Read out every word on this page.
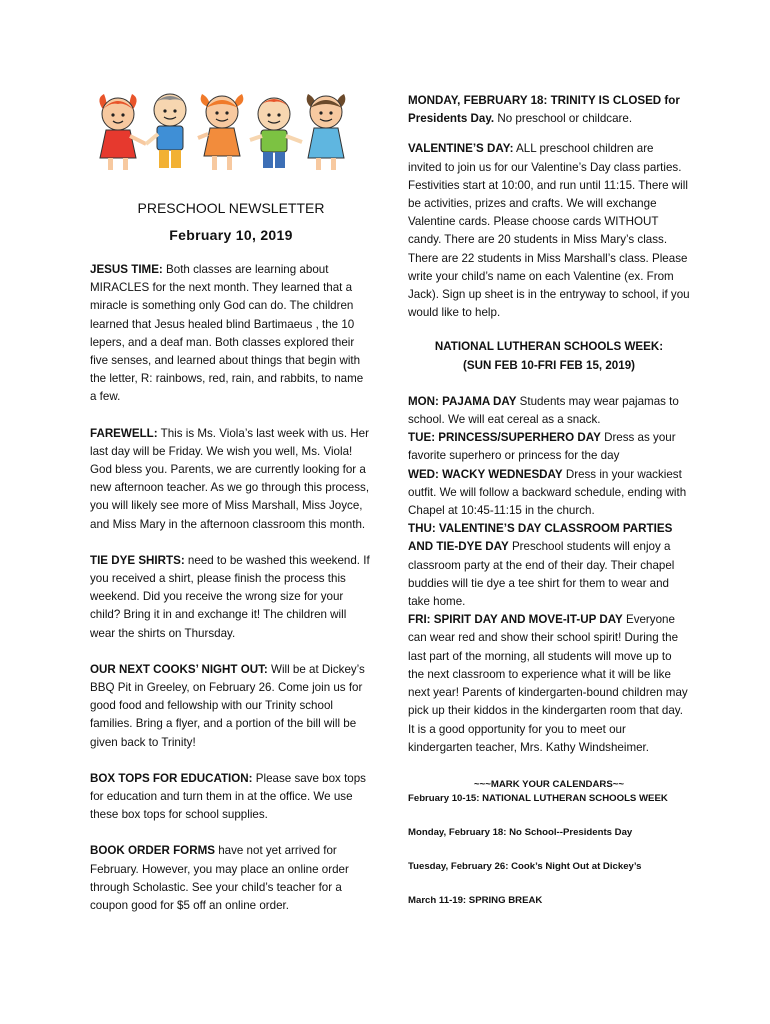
PRESCHOOL NEWSLETTER
February 10, 2019

JESUS TIME: Both classes are learning about MIRACLES for the next month. They learned that a miracle is something only God can do. The children learned that Jesus healed blind Bartimaeus , the 10 lepers, and a deaf man. Both classes explored their five senses, and learned about things that begin with the letter, R: rainbows, red, rain, and rabbits, to name a few.

FAREWELL: This is Ms. Viola’s last week with us. Her last day will be Friday. We wish you well, Ms. Viola! God bless you. Parents, we are currently looking for a new afternoon teacher. As we go through this process, you will likely see more of Miss Marshall, Miss Joyce, and Miss Mary in the afternoon classroom this month.

TIE DYE SHIRTS: need to be washed this weekend. If you received a shirt, please finish the process this weekend. Did you receive the wrong size for your child? Bring it in and exchange it! The children will wear the shirts on Thursday.

OUR NEXT COOKS’ NIGHT OUT: Will be at Dickey’s BBQ Pit in Greeley, on February 26. Come join us for good food and fellowship with our Trinity school families. Bring a flyer, and a portion of the bill will be given back to Trinity!

BOX TOPS FOR EDUCATION: Please save box tops for education and turn them in at the office. We use these box tops for school supplies.

BOOK ORDER FORMS have not yet arrived for February. However, you may place an online order through Scholastic. See your child’s teacher for a coupon good for $5 off an online order.

MONDAY, FEBRUARY 18: TRINITY IS CLOSED for Presidents Day. No preschool or childcare.

VALENTINE’S DAY: ALL preschool children are invited to join us for our Valentine’s Day class parties. Festivities start at 10:00, and run until 11:15. There will be activities, prizes and crafts. We will exchange Valentine cards. Please choose cards WITHOUT candy. There are 20 students in Miss Mary’s class. There are 22 students in Miss Marshall’s class. Please write your child’s name on each Valentine (ex. From Jack). Sign up sheet is in the entryway to school, if you would like to help.

NATIONAL LUTHERAN SCHOOLS WEEK:

(SUN FEB 10-FRI FEB 15, 2019)

MON: PAJAMA DAY Students may wear pajamas to school. We will eat cereal as a snack.

TUE: PRINCESS/SUPERHERO DAY Dress as your favorite superhero or princess for the day

WED: WACKY WEDNESDAY Dress in your wackiest outfit. We will follow a backward schedule, ending with Chapel at 10:45-11:15 in the church.

THU: VALENTINE’S DAY CLASSROOM PARTIES AND TIE-DYE DAY Preschool students will enjoy a classroom party at the end of their day. Their chapel buddies will tie dye a tee shirt for them to wear and take home.

FRI: SPIRIT DAY AND MOVE-IT-UP DAY Everyone can wear red and show their school spirit! During the last part of the morning, all students will move up to the next classroom to experience what it will be like next year! Parents of kindergarten-bound children may pick up their kiddos in the kindergarten room that day. It is a good opportunity for you to meet our kindergarten teacher, Mrs. Kathy Windsheimer.

~~~MARK YOUR CALENDARS~~

February 10-15: NATIONAL LUTHERAN SCHOOLS WEEK

Monday, February 18: No School--Presidents Day

Tuesday, February 26: Cook’s Night Out at Dickey’s

March 11-19: SPRING BREAK
